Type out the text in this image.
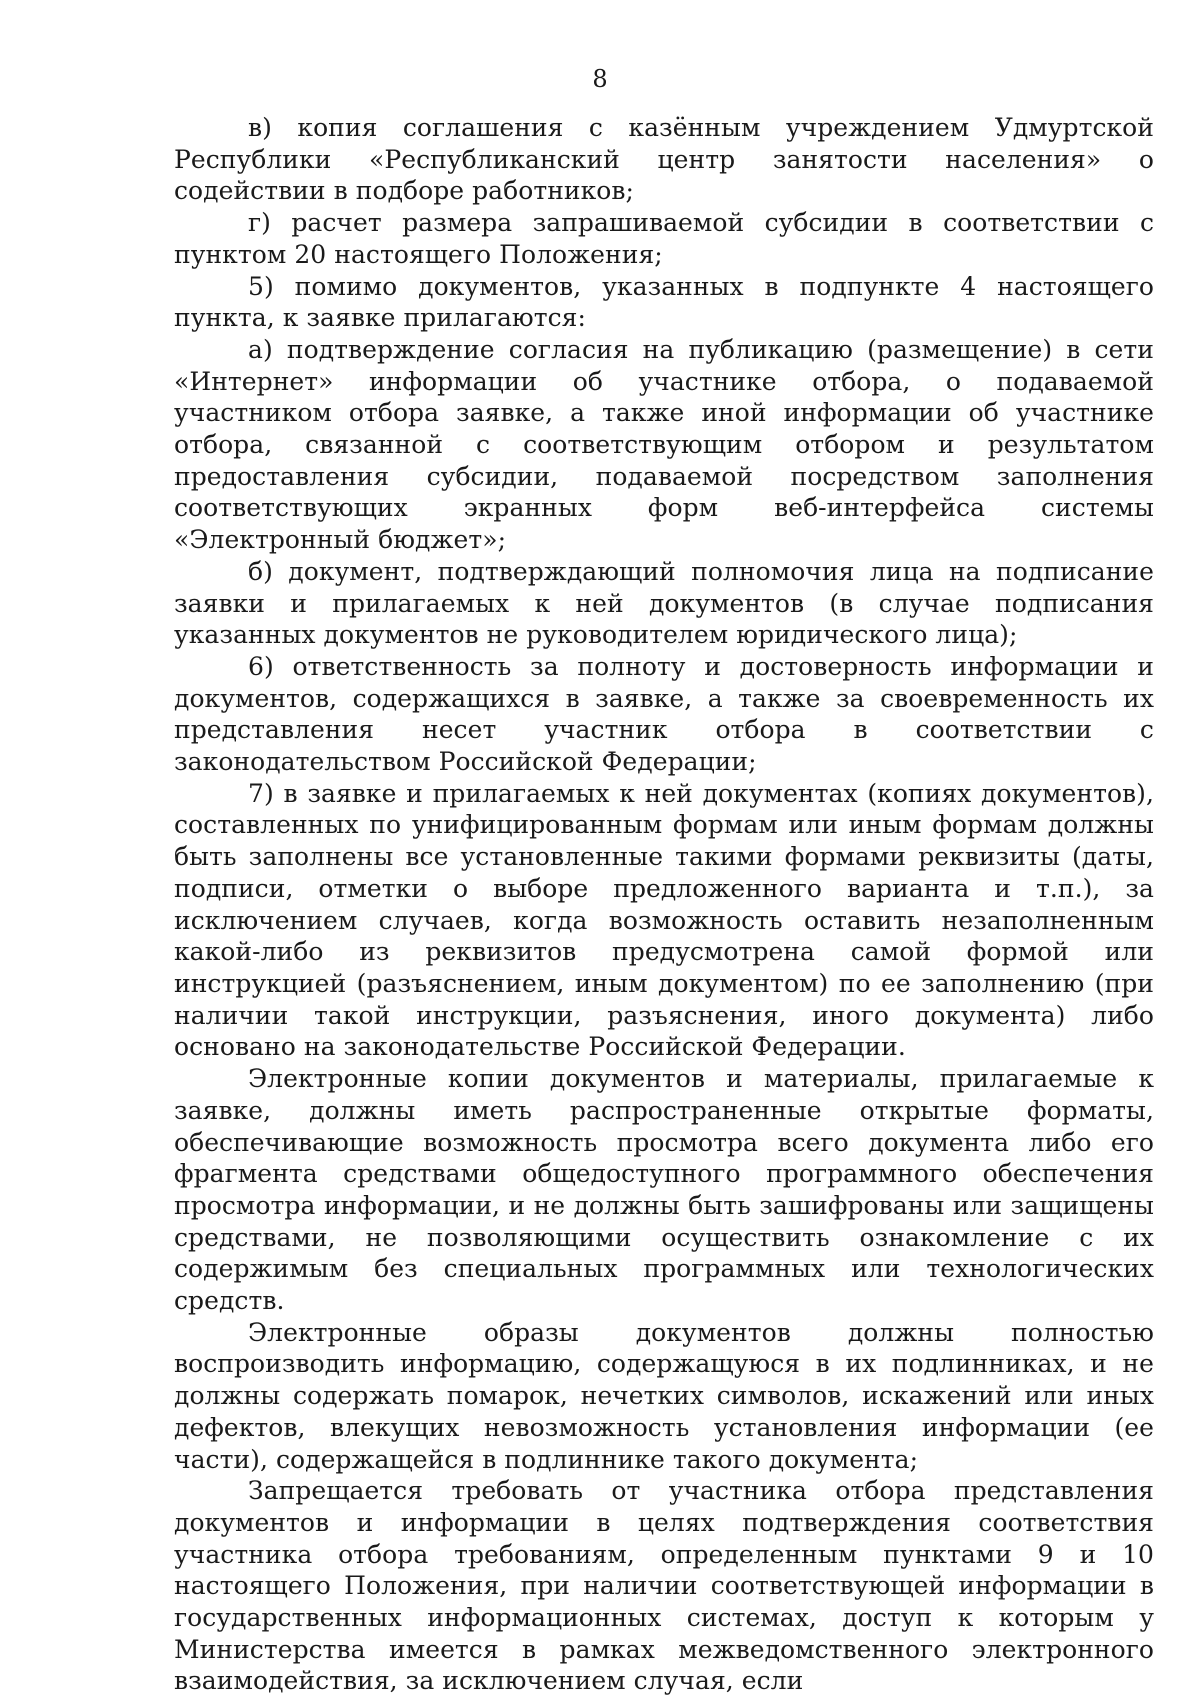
8

в) копия соглашения с казённым учреждением Удмуртской Республики «Республиканский центр занятости населения» о содействии в подборе работников;

г) расчет размера запрашиваемой субсидии в соответствии с пунктом 20 настоящего Положения;

5) помимо документов, указанных в подпункте 4 настоящего пункта, к заявке прилагаются:

а) подтверждение согласия на публикацию (размещение) в сети «Интернет» информации об участнике отбора, о подаваемой участником отбора заявке, а также иной информации об участнике отбора, связанной с соответствующим отбором и результатом предоставления субсидии, подаваемой посредством заполнения соответствующих экранных форм веб-интерфейса системы «Электронный бюджет»;

б) документ, подтверждающий полномочия лица на подписание заявки и прилагаемых к ней документов (в случае подписания указанных документов не руководителем юридического лица);

6) ответственность за полноту и достоверность информации и документов, содержащихся в заявке, а также за своевременность их представления несет участник отбора в соответствии с законодательством Российской Федерации;

7) в заявке и прилагаемых к ней документах (копиях документов), составленных по унифицированным формам или иным формам должны быть заполнены все установленные такими формами реквизиты (даты, подписи, отметки о выборе предложенного варианта и т.п.), за исключением случаев, когда возможность оставить незаполненным какой-либо из реквизитов предусмотрена самой формой или инструкцией (разъяснением, иным документом) по ее заполнению (при наличии такой инструкции, разъяснения, иного документа) либо основано на законодательстве Российской Федерации.

Электронные копии документов и материалы, прилагаемые к заявке, должны иметь распространенные открытые форматы, обеспечивающие возможность просмотра всего документа либо его фрагмента средствами общедоступного программного обеспечения просмотра информации, и не должны быть зашифрованы или защищены средствами, не позволяющими осуществить ознакомление с их содержимым без специальных программных или технологических средств.

Электронные образы документов должны полностью воспроизводить информацию, содержащуюся в их подлинниках, и не должны содержать помарок, нечетких символов, искажений или иных дефектов, влекущих невозможность установления информации (ее части), содержащейся в подлиннике такого документа;

Запрещается требовать от участника отбора представления документов и информации в целях подтверждения соответствия участника отбора требованиям, определенным пунктами 9 и 10 настоящего Положения, при наличии соответствующей информации в государственных информационных системах, доступ к которым у Министерства имеется в рамках межведомственного электронного взаимодействия, за исключением случая, если
